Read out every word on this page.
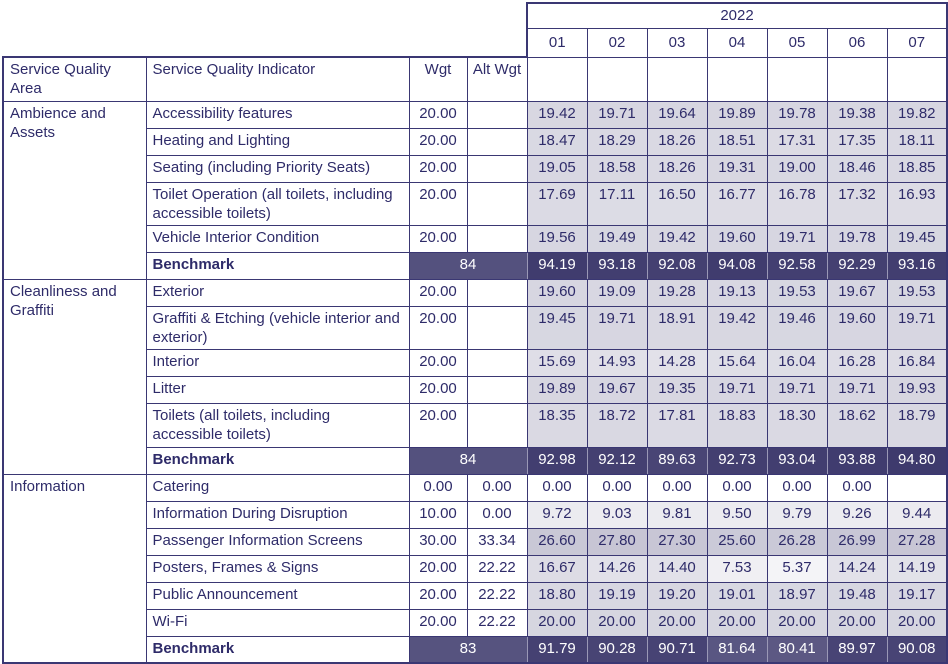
				2022						
				01	02	03	04	05	06	07
Service Quality Area	Service Quality Indicator	Wgt	Alt Wgt							
Ambience and Assets	Accessibility features	20.00		19.42	19.71	19.64	19.89	19.78	19.38	19.82
	Heating and Lighting	20.00		18.47	18.29	18.26	18.51	17.31	17.35	18.11
	Seating (including Priority Seats)	20.00		19.05	18.58	18.26	19.31	19.00	18.46	18.85
	Toilet Operation (all toilets, including accessible toilets)	20.00		17.69	17.11	16.50	16.77	16.78	17.32	16.93
	Vehicle Interior Condition	20.00		19.56	19.49	19.42	19.60	19.71	19.78	19.45
	Benchmark	84		94.19	93.18	92.08	94.08	92.58	92.29	93.16
Cleanliness and Graffiti	Exterior	20.00		19.60	19.09	19.28	19.13	19.53	19.67	19.53
	Graffiti & Etching (vehicle interior and exterior)	20.00		19.45	19.71	18.91	19.42	19.46	19.60	19.71
	Interior	20.00		15.69	14.93	14.28	15.64	16.04	16.28	16.84
	Litter	20.00		19.89	19.67	19.35	19.71	19.71	19.71	19.93
	Toilets (all toilets, including accessible toilets)	20.00		18.35	18.72	17.81	18.83	18.30	18.62	18.79
	Benchmark	84		92.98	92.12	89.63	92.73	93.04	93.88	94.80
Information	Catering	0.00	0.00	0.00	0.00	0.00	0.00	0.00	0.00	
	Information During Disruption	10.00	0.00	9.72	9.03	9.81	9.50	9.79	9.26	9.44
	Passenger Information Screens	30.00	33.34	26.60	27.80	27.30	25.60	26.28	26.99	27.28
	Posters, Frames & Signs	20.00	22.22	16.67	14.26	14.40	7.53	5.37	14.24	14.19
	Public Announcement	20.00	22.22	18.80	19.19	19.20	19.01	18.97	19.48	19.17
	Wi-Fi	20.00	22.22	20.00	20.00	20.00	20.00	20.00	20.00	20.00
	Benchmark	83		91.79	90.28	90.71	81.64	80.41	89.97	90.08
